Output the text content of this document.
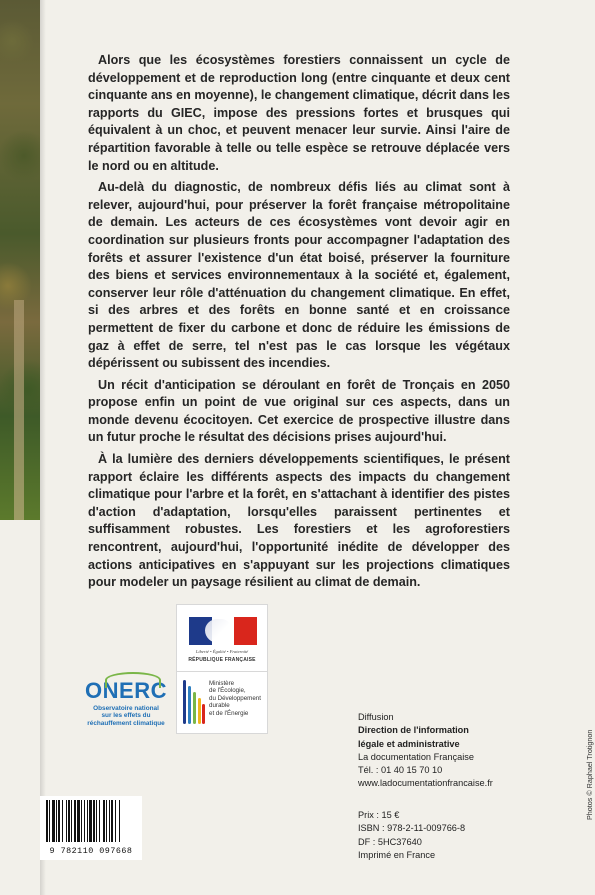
Alors que les écosystèmes forestiers connaissent un cycle de développement et de reproduction long (entre cinquante et deux cent cinquante ans en moyenne), le changement climatique, décrit dans les rapports du GIEC, impose des pressions fortes et brusques qui équivalent à un choc, et peuvent menacer leur survie. Ainsi l'aire de répartition favorable à telle ou telle espèce se retrouve déplacée vers le nord ou en altitude.

Au-delà du diagnostic, de nombreux défis liés au climat sont à relever, aujourd'hui, pour préserver la forêt française métropolitaine de demain. Les acteurs de ces écosystèmes vont devoir agir en coordination sur plusieurs fronts pour accompagner l'adaptation des forêts et assurer l'existence d'un état boisé, préserver la fourniture des biens et services environnementaux à la société et, également, conserver leur rôle d'atténuation du changement climatique. En effet, si des arbres et des forêts en bonne santé et en croissance permettent de fixer du carbone et donc de réduire les émissions de gaz à effet de serre, tel n'est pas le cas lorsque les végétaux dépérissent ou subissent des incendies.

Un récit d'anticipation se déroulant en forêt de Tronçais en 2050 propose enfin un point de vue original sur ces aspects, dans un monde devenu écocitoyen. Cet exercice de prospective illustre dans un futur proche le résultat des décisions prises aujourd'hui.

À la lumière des derniers développements scientifiques, le présent rapport éclaire les différents aspects des impacts du changement climatique pour l'arbre et la forêt, en s'attachant à identifier des pistes d'action d'adaptation, lorsqu'elles paraissent pertinentes et suffisamment robustes. Les forestiers et les agroforestiers rencontrent, aujourd'hui, l'opportunité inédite de développer des actions anticipatives en s'appuyant sur les projections climatiques pour modeler un paysage résilient au climat de demain.

Liberté • Égalité • Fraternité
RÉPUBLIQUE FRANÇAISE
Ministère
de l'Écologie,
du Développement
durable
et de l'Énergie
ONERC
Observatoire national
sur les effets du
réchauffement climatique
Diffusion
Direction de l'information
légale et administrative
La documentation Française
Tél. : 01 40 15 70 10
www.ladocumentationfrancaise.fr
Prix : 15 €
ISBN : 978-2-11-009766-8
DF : 5HC37640
Imprimé en France
Photos © Raphael Trotignon
9 782110 097668
